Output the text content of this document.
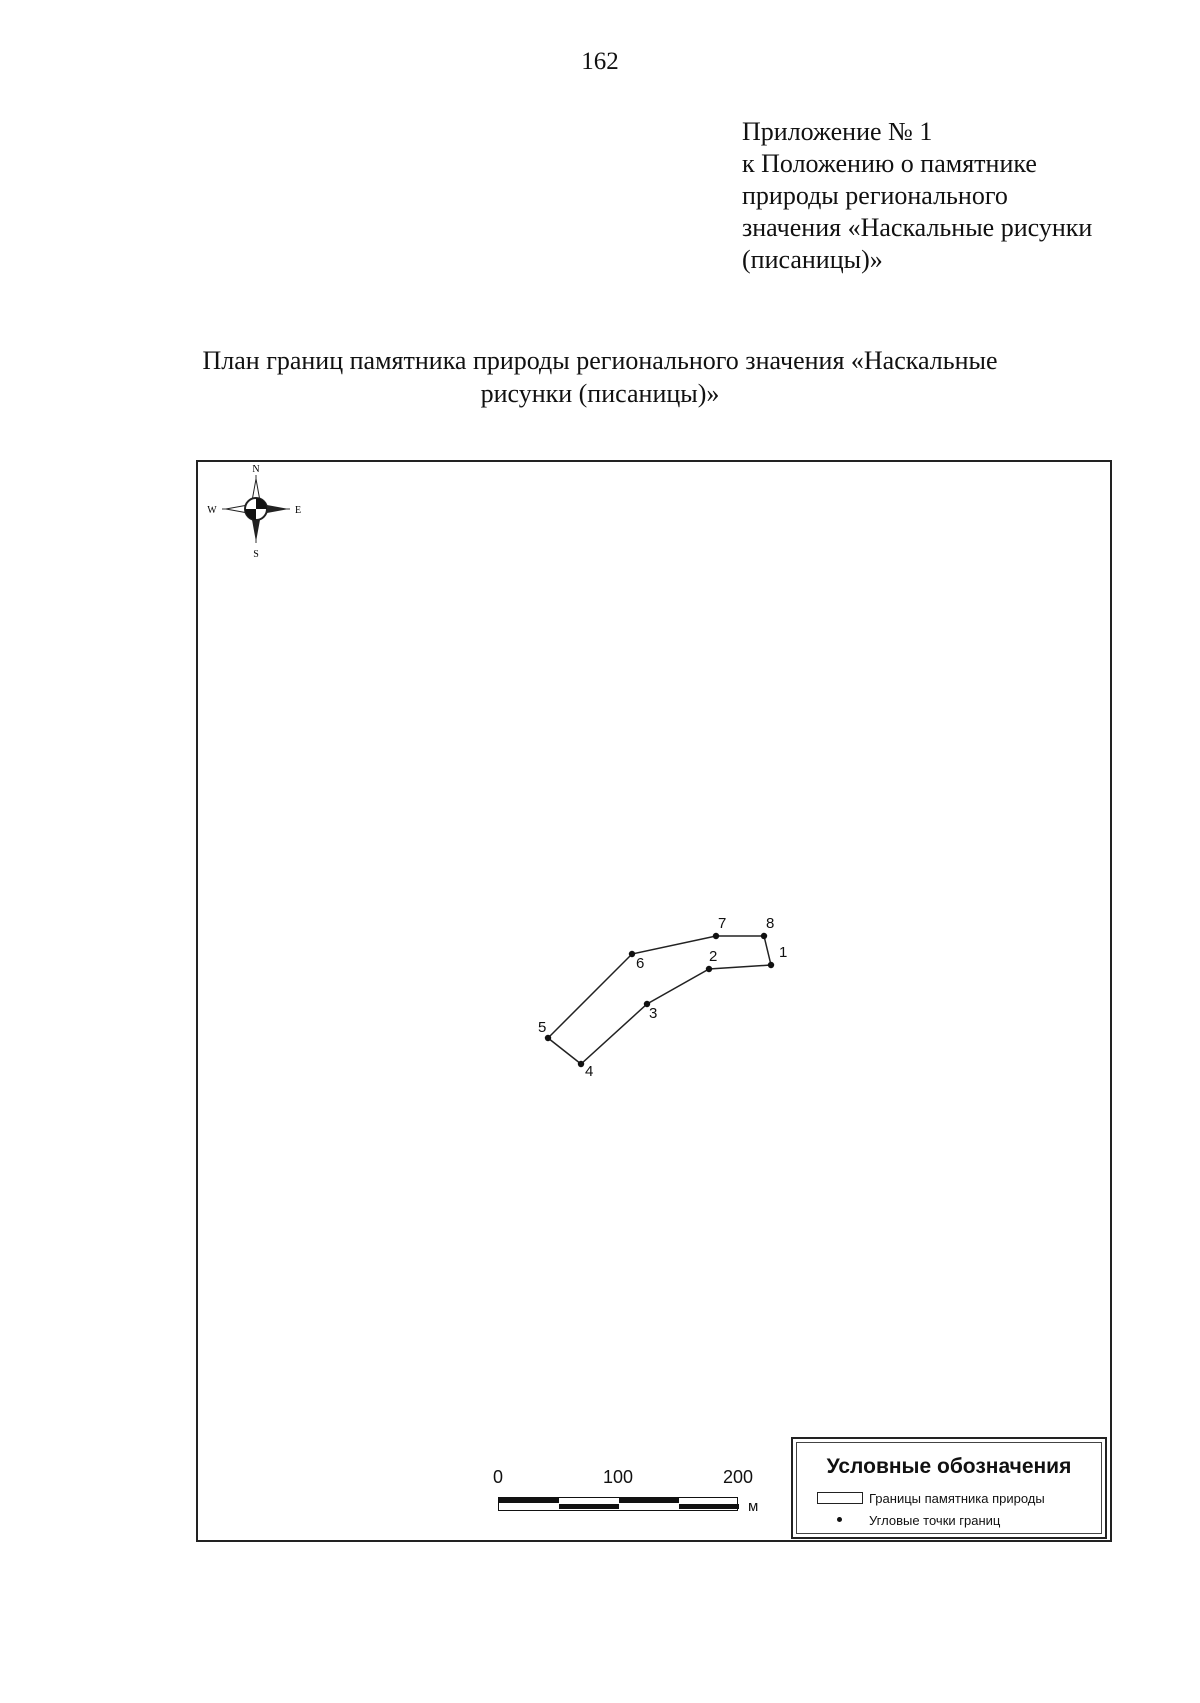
162
Приложение № 1
к Положению о памятнике
природы регионального
значения «Наскальные рисунки
(писаницы)»
План границ памятника природы регионального значения «Наскальные
рисунки (писаницы)»
N
S
W	E
1
2
3
4
5
6
7	8
0	100	200
м
Условные обозначения
Границы памятника природы
Угловые точки границ
